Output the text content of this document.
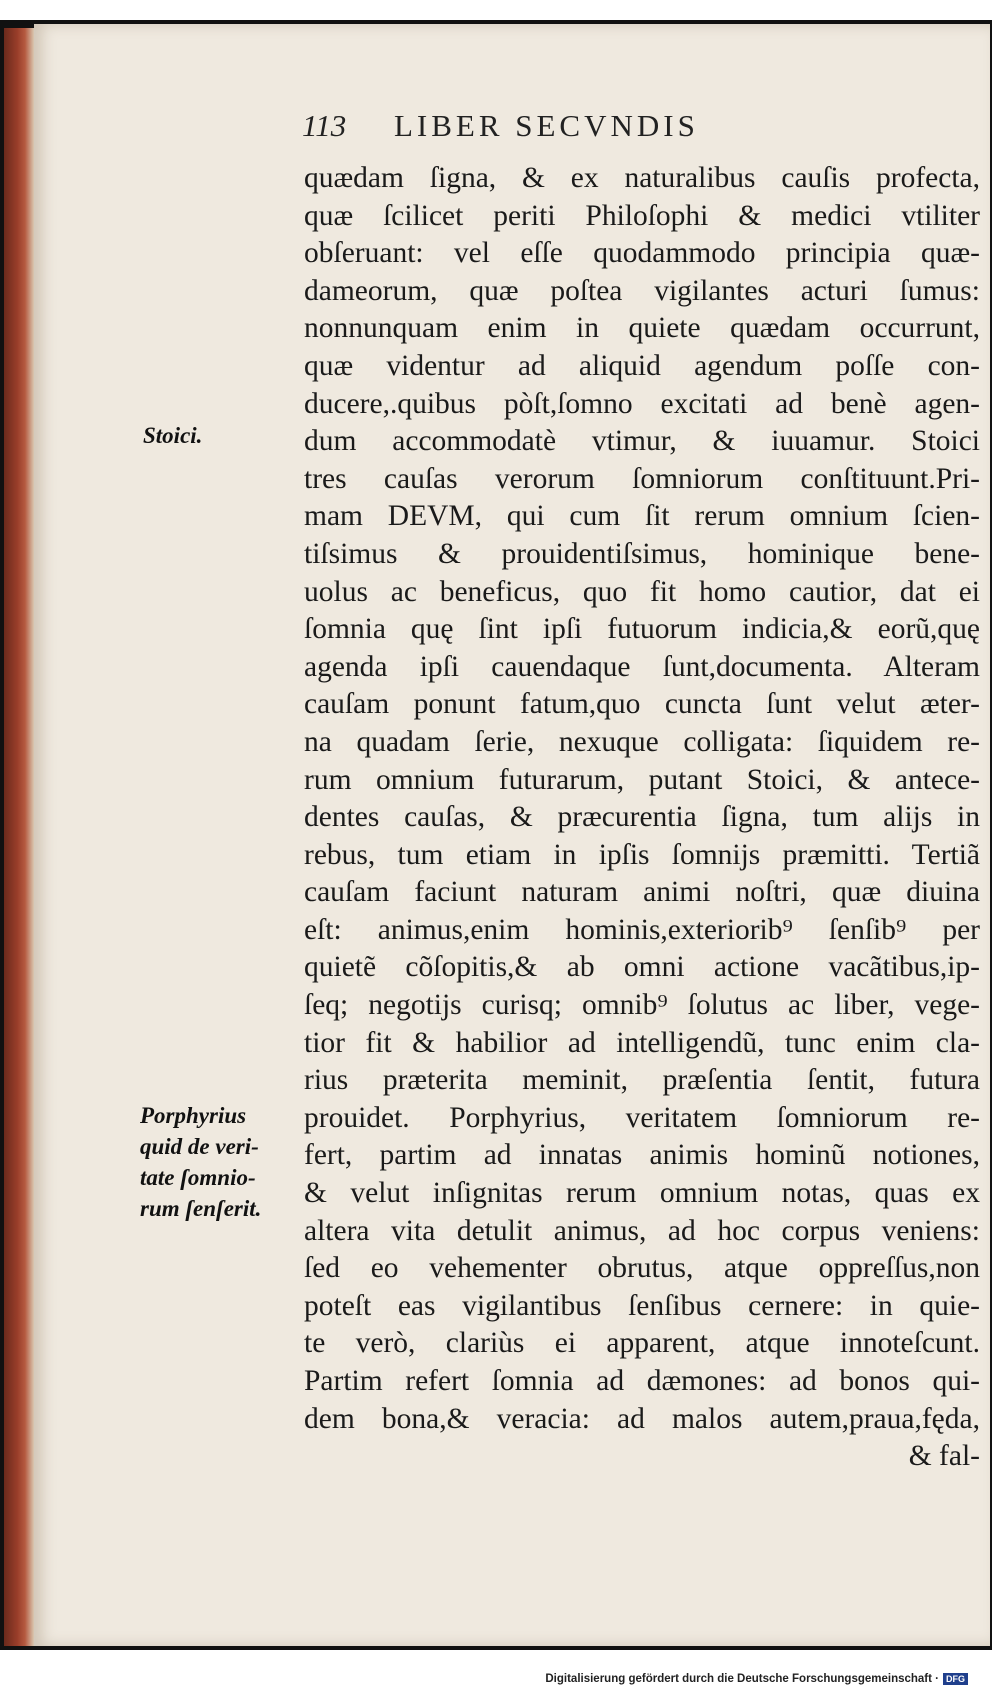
113 LIBER SECVNDIS
Stoici.
Porphyrius
quid de veri-
tate ſomnio-
rum ſenſerit.
quædam ſigna, & ex naturalibus cauſis profecta,
quæ ſcilicet periti Philoſophi & medici vtiliter
obſeruant: vel eſſe quodammodo principia quæ-
dameorum, quæ poſtea vigilantes acturi ſumus:
nonnunquam enim in quiete quædam occurrunt,
quæ videntur ad aliquid agendum poſſe con-
ducere,.quibus pòſt,ſomno excitati ad benè agen-
dum accommodatè vtimur, & iuuamur. Stoici
tres cauſas verorum ſomniorum conſtituunt.Pri-
mam DEVM, qui cum ſit rerum omnium ſcien-
tiſsimus & prouidentiſsimus, hominique bene-
uolus ac beneficus, quo fit homo cautior, dat ei
ſomnia quę ſint ipſi futuorum indicia,& eorũ,quę
agenda ipſi cauendaque ſunt,documenta. Alteram
cauſam ponunt fatum,quo cuncta ſunt velut æter-
na quadam ſerie, nexuque colligata: ſiquidem re-
rum omnium futurarum, putant Stoici, & antece-
dentes cauſas, & præcurentia ſigna, tum alijs in
rebus, tum etiam in ipſis ſomnijs præmitti. Tertiã
cauſam faciunt naturam animi noſtri, quæ diuina
eſt: animus,enim hominis,exteriorib⁹ ſenſib⁹ per
quietẽ cõſopitis,& ab omni actione vacãtibus,ip-
ſeq; negotijs curisq; omnib⁹ ſolutus ac liber, vege-
tior fit & habilior ad intelligendũ, tunc enim cla-
rius præterita meminit, præſentia ſentit, futura
prouidet. Porphyrius, veritatem ſomniorum re-
fert, partim ad innatas animis hominũ notiones,
& velut inſignitas rerum omnium notas, quas ex
altera vita detulit animus, ad hoc corpus veniens:
ſed eo vehementer obrutus, atque oppreſſus,non
poteſt eas vigilantibus ſenſibus cernere: in quie-
te verò, clariùs ei apparent, atque innoteſcunt.
Partim refert ſomnia ad dæmones: ad bonos qui-
dem bona,& veracia: ad malos autem,praua,fęda,
& fal-
Digitalisierung gefördert durch die Deutsche Forschungsgemeinschaft · DFG
